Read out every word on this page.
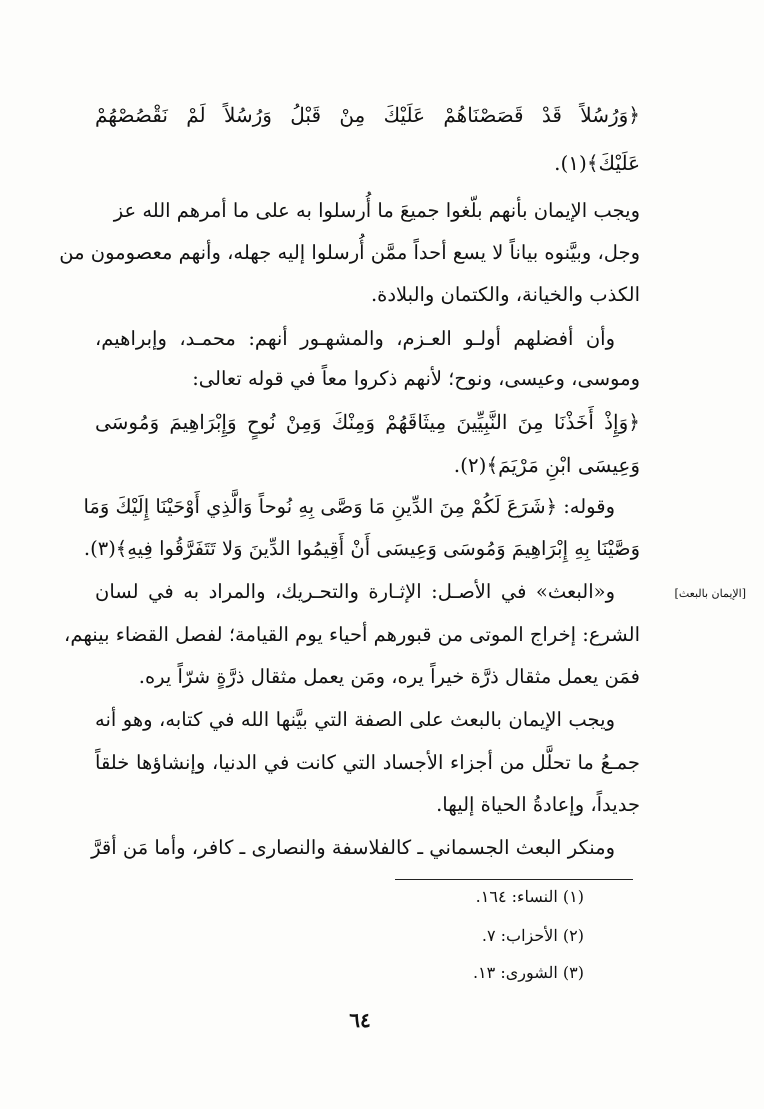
﴿وَرُسُلاً قَدْ قَصَصْنَاهُمْ عَلَيْكَ مِنْ قَبْلُ وَرُسُلاً لَمْ نَقْصُصْهُمْ
عَلَيْكَ﴾(١).
ويجب الإيمان بأنهم بلّغوا جميعَ ما أُرسلوا به على ما أمرهم الله عز
وجل، وبيَّنوه بياناً لا يسع أحداً ممَّن أُرسلوا إليه جهله، وأنهم معصومون من
الكذب والخيانة، والكتمان والبلادة.
وأن أفضلهم أولـو العـزم، والمشهـور أنهم: محمـد، وإبراهيم،
وموسى، وعيسى، ونوح؛ لأنهم ذكروا معاً في قوله تعالى:
﴿وَإِذْ أَخَذْنَا مِنَ النَّبِيِّينَ مِيثَاقَهُمْ وَمِنْكَ وَمِنْ نُوحٍ وَإِبْرَاهِيمَ وَمُوسَى
وَعِيسَى ابْنِ مَرْيَمَ﴾(٢).
وقوله: ﴿شَرَعَ لَكُمْ مِنَ الدِّينِ مَا وَصَّى بِهِ نُوحاً وَالَّذِي أَوْحَيْنَا إِلَيْكَ وَمَا
وَصَّيْنَا بِهِ إِبْرَاهِيمَ وَمُوسَى وَعِيسَى أَنْ أَقِيمُوا الدِّينَ وَلا تَتَفَرَّقُوا فِيهِ﴾(٣).
و«البعث» في الأصـل: الإثـارة والتحـريك، والمراد به في لسان	[الإيمان بالبعث]
الشرع: إخراج الموتى من قبورهم أحياء يوم القيامة؛ لفصل القضاء بينهم،
فمَن يعمل مثقال ذرَّة خيراً يره، ومَن يعمل مثقال ذرَّةٍ شرّاً يره.
ويجب الإيمان بالبعث على الصفة التي بيَّنها الله في كتابه، وهو أنه
جمـعُ ما تحلَّل من أجزاء الأجساد التي كانت في الدنيا، وإنشاؤها خلقاً
جديداً، وإعادةُ الحياة إليها.
ومنكر البعث الجسماني ـ كالفلاسفة والنصارى ـ كافر، وأما مَن أقرَّ
(١) النساء: ١٦٤.
(٢) الأحزاب: ٧.
(٣) الشورى: ١٣.
٦٤
